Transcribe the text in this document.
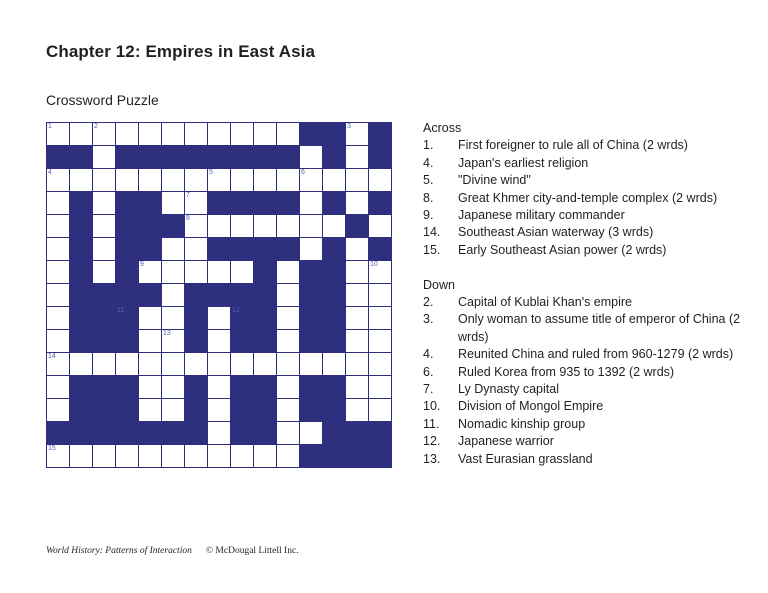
Chapter 12: Empires in East Asia
Crossword Puzzle
1	2	3
4	5	6
7
8
9	10
11	12
13
14
15
Across
1.	First foreigner to rule all of China (2 wrds)
4.	Japan's earliest religion
5.	"Divine wind"
8.	Great Khmer city-and-temple complex (2 wrds)
9.	Japanese military commander
14.	Southeast Asian waterway (3 wrds)
15.	Early Southeast Asian power (2 wrds)
Down
2.	Capital of Kublai Khan's empire
3.	Only woman to assume title of emperor of China (2 wrds)
4.	Reunited China and ruled from 960-1279 (2 wrds)
6.	Ruled Korea from 935 to 1392 (2 wrds)
7.	Ly Dynasty capital
10.	Division of Mongol Empire
11.	Nomadic kinship group
12.	Japanese warrior
13.	Vast Eurasian grassland
World History: Patterns of Interaction © McDougal Littell Inc.
